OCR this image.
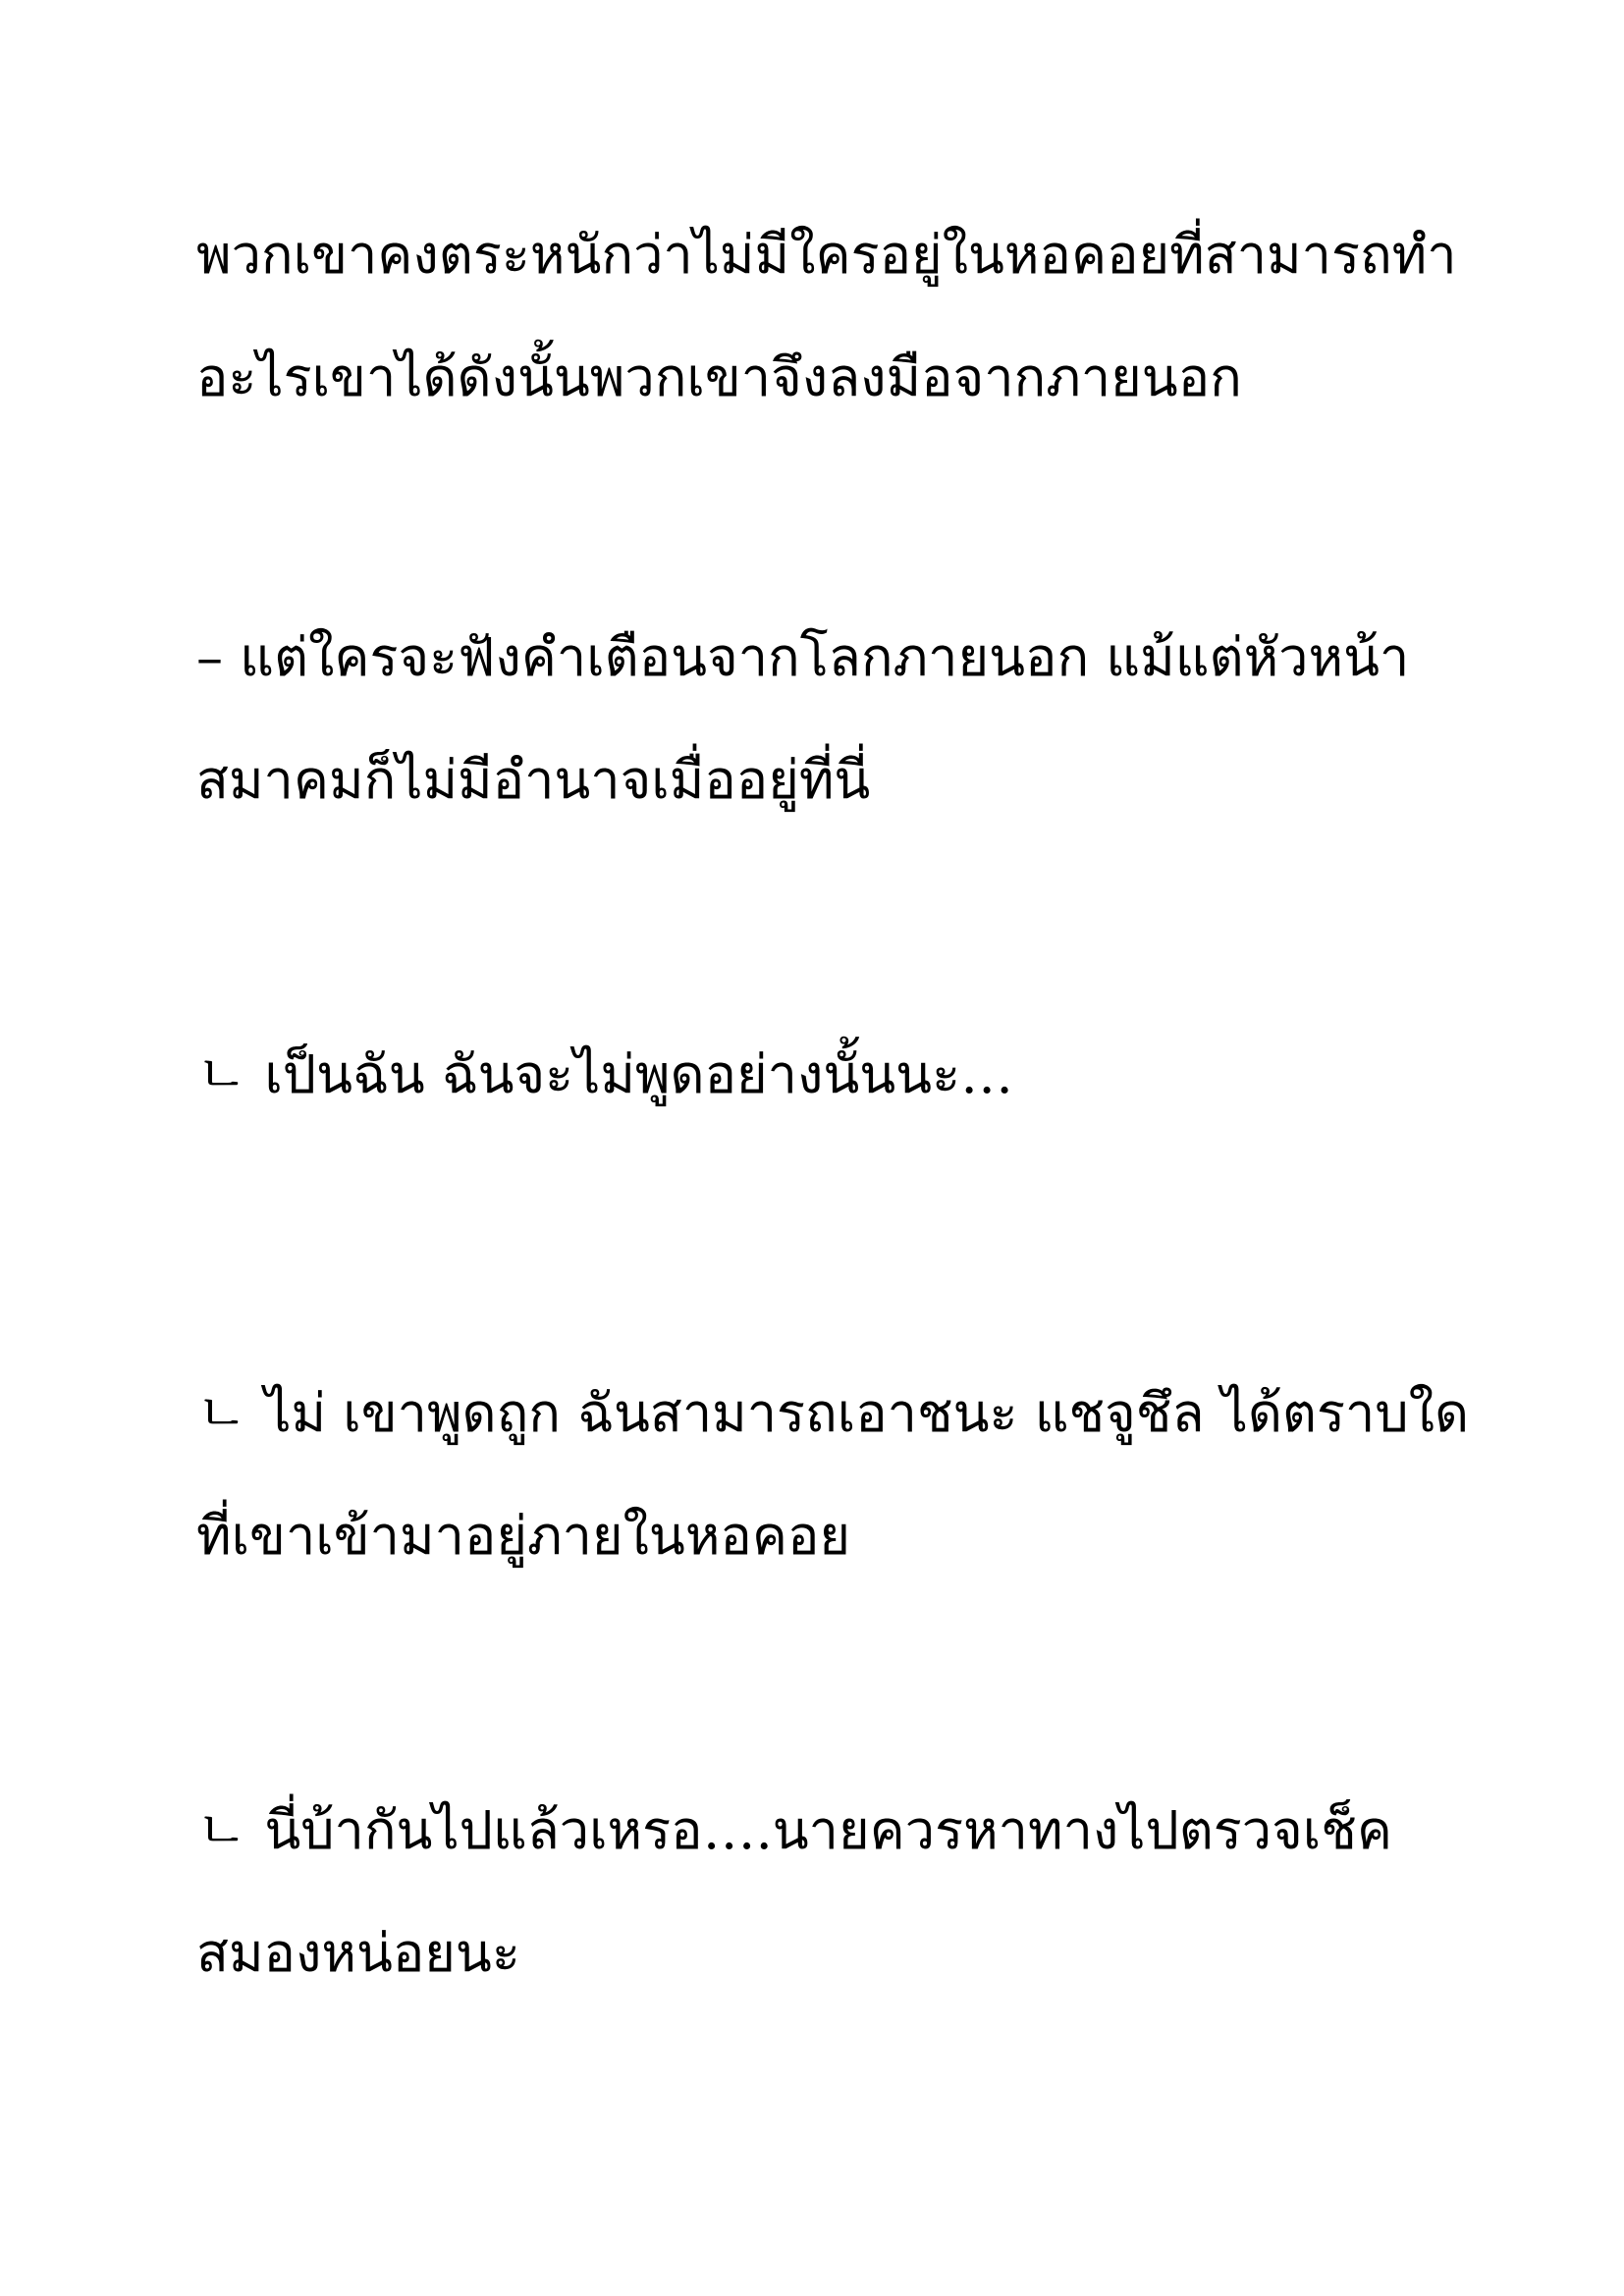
พวกเขาคงตระหนักว่าไม่มีใครอยู่ในหอคอยที่สามารถทำ
อะไรเขาได้ดังนั้นพวกเขาจึงลงมือจากภายนอก
– แต่ใครจะฟังคำเตือนจากโลกภายนอก แม้แต่หัวหน้า
สมาคมก็ไม่มีอำนาจเมื่ออยู่ที่นี่
ㄴ เป็นฉัน ฉันจะไม่พูดอย่างนั้นนะ…
ㄴ ไม่ เขาพูดถูก ฉันสามารถเอาชนะ แชจูชึล ได้ตราบใด
ที่เขาเข้ามาอยู่ภายในหอคอย
ㄴ นี่บ้ากันไปแล้วเหรอ….นายควรหาทางไปตรวจเช็ค
สมองหน่อยนะ
